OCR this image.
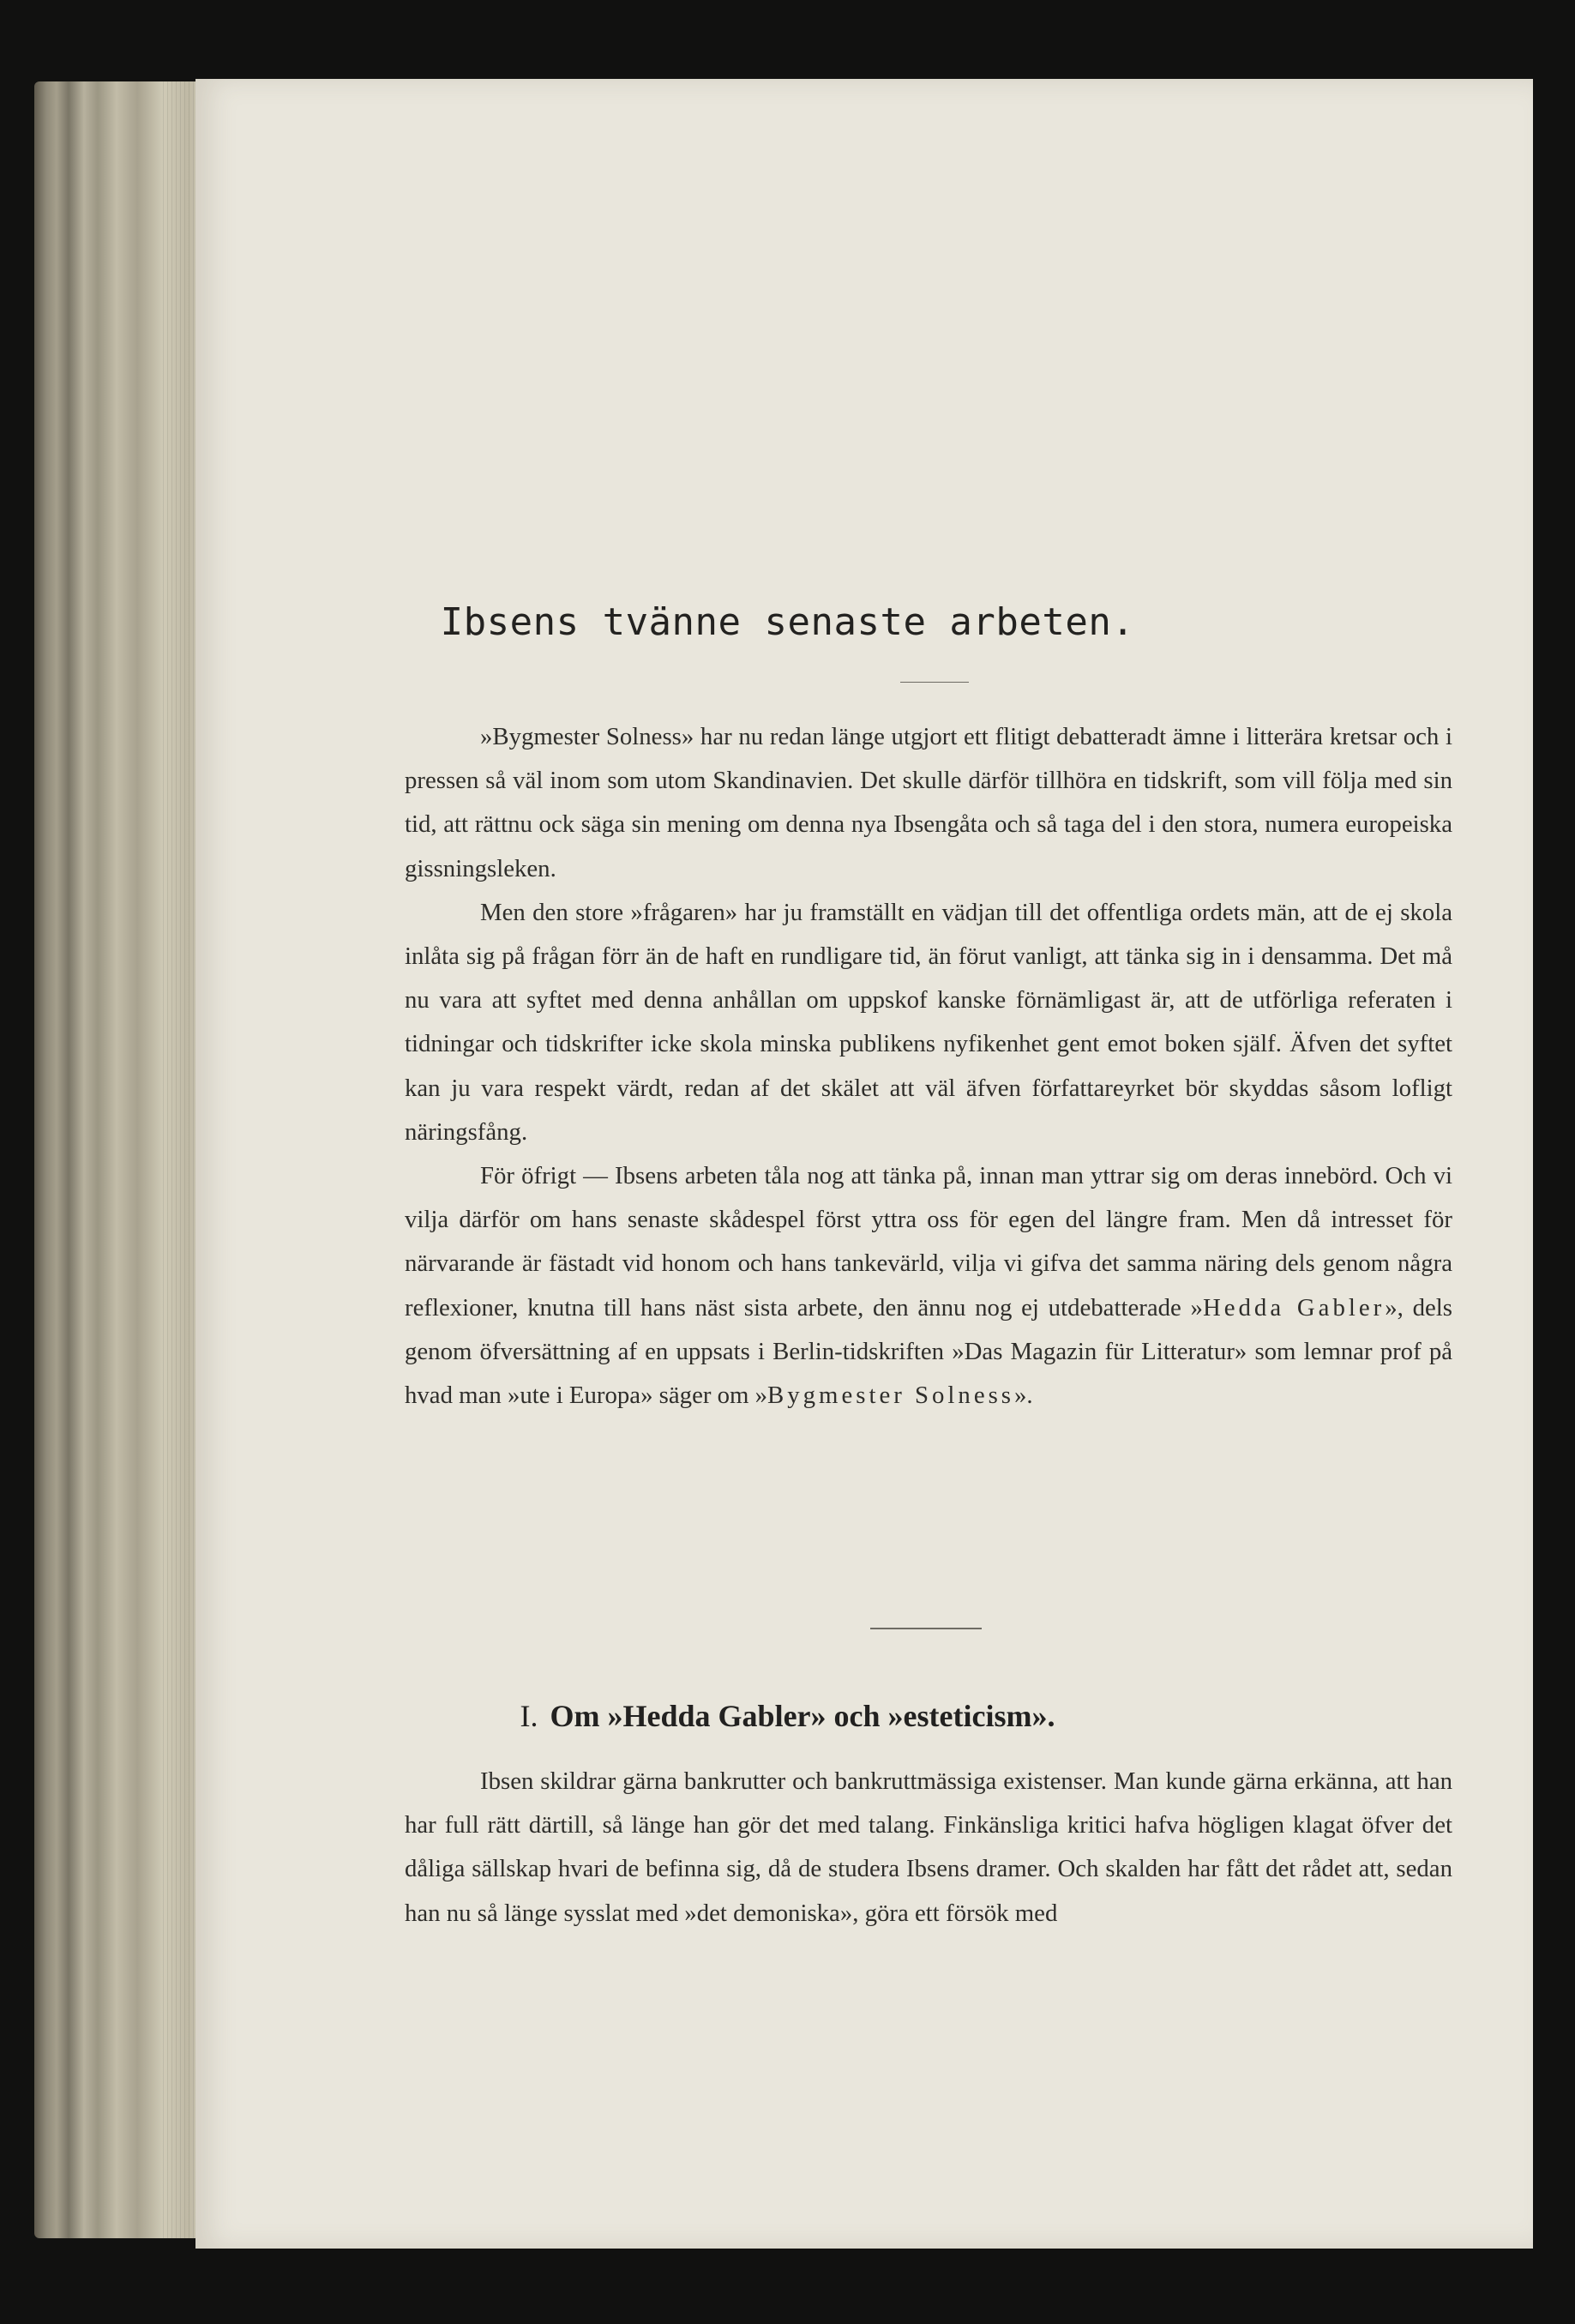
Ibsens tvänne senaste arbeten.

»Bygmester Solness» har nu redan länge utgjort ett flitigt debatteradt ämne i litterära kretsar och i pressen så väl inom som utom Skandinavien. Det skulle därför tillhöra en tidskrift, som vill följa med sin tid, att rättnu ock säga sin mening om denna nya Ibsengåta och så taga del i den stora, numera europeiska gissningsleken.

Men den store »frågaren» har ju framställt en vädjan till det offentliga ordets män, att de ej skola inlåta sig på frågan förr än de haft en rundligare tid, än förut vanligt, att tänka sig in i densamma. Det må nu vara att syftet med denna anhållan om uppskof kanske förnämligast är, att de utförliga referaten i tidningar och tidskrifter icke skola minska publikens nyfikenhet gent emot boken själf. Äfven det syftet kan ju vara respekt värdt, redan af det skälet att väl äfven författareyrket bör skyddas såsom lofligt näringsfång.

För öfrigt — Ibsens arbeten tåla nog att tänka på, innan man yttrar sig om deras innebörd. Och vi vilja därför om hans senaste skådespel först yttra oss för egen del längre fram. Men då intresset för närvarande är fästadt vid honom och hans tankevärld, vilja vi gifva det samma näring dels genom några reflexioner, knutna till hans näst sista arbete, den ännu nog ej utdebatterade »Hedda Gabler», dels genom öfversättning af en uppsats i Berlin-tidskriften »Das Magazin für Litteratur» som lemnar prof på hvad man »ute i Europa» säger om »Bygmester Solness».

I. Om »Hedda Gabler» och »esteticism».

Ibsen skildrar gärna bankrutter och bankruttmässiga existenser. Man kunde gärna erkänna, att han har full rätt därtill, så länge han gör det med talang. Finkänsliga kritici hafva högligen klagat öfver det dåliga sällskap hvari de befinna sig, då de studera Ibsens dramer. Och skalden har fått det rådet att, sedan han nu så länge sysslat med »det demoniska», göra ett försök med
